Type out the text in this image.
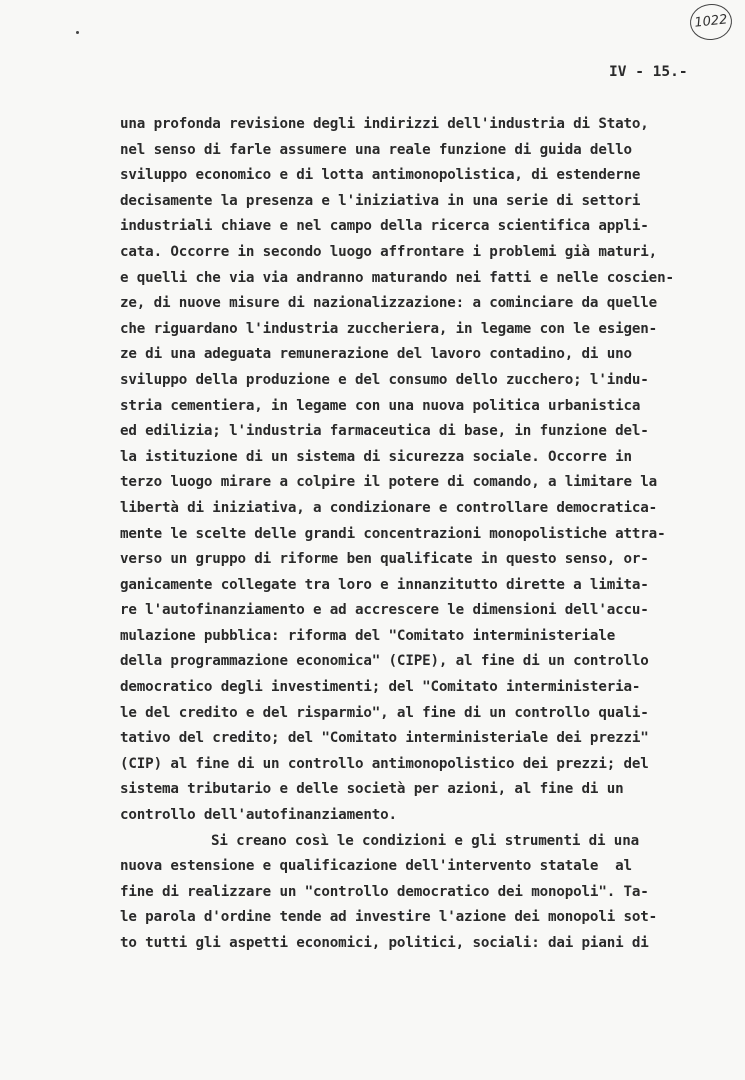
1022
IV - 15.-
una profonda revisione degli indirizzi dell'industria di Stato,
nel senso di farle assumere una reale funzione di guida dello
sviluppo economico e di lotta antimonopolistica, di estenderne
decisamente la presenza e l'iniziativa in una serie di settori
industriali chiave e nel campo della ricerca scientifica appli-
cata. Occorre in secondo luogo affrontare i problemi già maturi,
e quelli che via via andranno maturando nei fatti e nelle coscien-
ze, di nuove misure di nazionalizzazione: a cominciare da quelle
che riguardano l'industria zuccheriera, in legame con le esigen-
ze di una adeguata remunerazione del lavoro contadino, di uno
sviluppo della produzione e del consumo dello zucchero; l'indu-
stria cementiera, in legame con una nuova politica urbanistica
ed edilizia; l'industria farmaceutica di base, in funzione del-
la istituzione di un sistema di sicurezza sociale. Occorre in
terzo luogo mirare a colpire il potere di comando, a limitare la
libertà di iniziativa, a condizionare e controllare democratica-
mente le scelte delle grandi concentrazioni monopolistiche attra-
verso un gruppo di riforme ben qualificate in questo senso, or-
ganicamente collegate tra loro e innanzitutto dirette a limita-
re l'autofinanziamento e ad accrescere le dimensioni dell'accu-
mulazione pubblica: riforma del "Comitato interministeriale
della programmazione economica" (CIPE), al fine di un controllo
democratico degli investimenti; del "Comitato interministeria-
le del credito e del risparmio", al fine di un controllo quali-
tativo del credito; del "Comitato interministeriale dei prezzi"
(CIP) al fine di un controllo antimonopolistico dei prezzi; del
sistema tributario e delle società per azioni, al fine di un
controllo dell'autofinanziamento.
Si creano così le condizioni e gli strumenti di una
nuova estensione e qualificazione dell'intervento statale  al
fine di realizzare un "controllo democratico dei monopoli". Ta-
le parola d'ordine tende ad investire l'azione dei monopoli sot-
to tutti gli aspetti economici, politici, sociali: dai piani di
